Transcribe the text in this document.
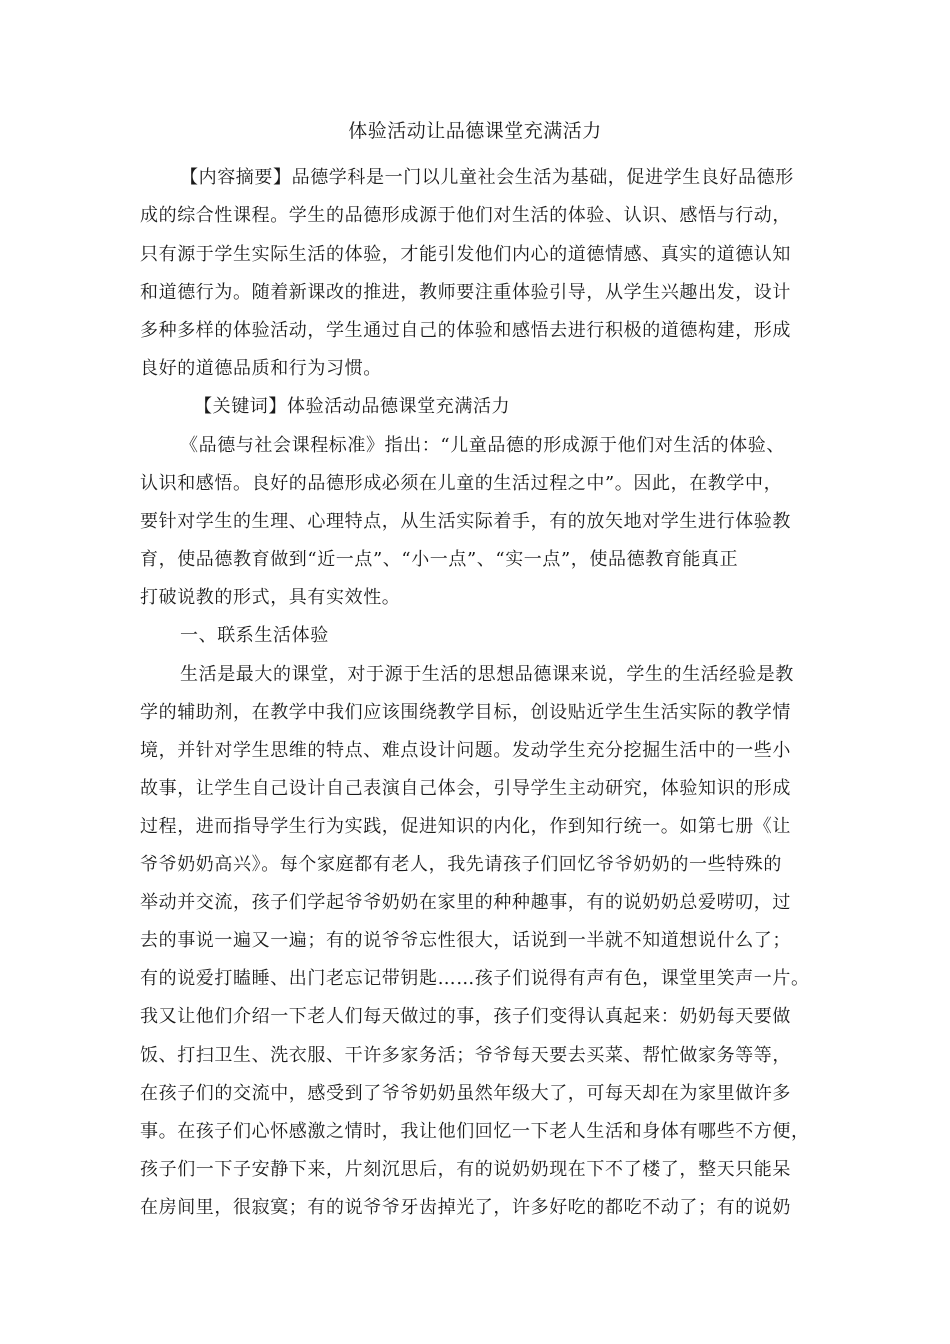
体验活动让品德课堂充满活力
【内容摘要】品德学科是一门以儿童社会生活为基础，促进学生良好品德形
成的综合性课程。学生的品德形成源于他们对生活的体验、认识、感悟与行动，
只有源于学生实际生活的体验，才能引发他们内心的道德情感、真实的道德认知
和道德行为。随着新课改的推进，教师要注重体验引导，从学生兴趣出发，设计
多种多样的体验活动，学生通过自己的体验和感悟去进行积极的道德构建，形成
良好的道德品质和行为习惯。
【关键词】体验活动品德课堂充满活力
《品德与社会课程标准》指出：“儿童品德的形成源于他们对生活的体验、
认识和感悟。良好的品德形成必须在儿童的生活过程之中”。因此，在教学中，
要针对学生的生理、心理特点，从生活实际着手，有的放矢地对学生进行体验教
育，使品德教育做到“近一点”、“小一点”、“实一点”，使品德教育能真正
打破说教的形式，具有实效性。
一、联系生活体验
生活是最大的课堂，对于源于生活的思想品德课来说，学生的生活经验是教
学的辅助剂，在教学中我们应该围绕教学目标，创设贴近学生生活实际的教学情
境，并针对学生思维的特点、难点设计问题。发动学生充分挖掘生活中的一些小
故事，让学生自己设计自己表演自己体会，引导学生主动研究，体验知识的形成
过程，进而指导学生行为实践，促进知识的内化，作到知行统一。如第七册《让
爷爷奶奶高兴》。每个家庭都有老人，我先请孩子们回忆爷爷奶奶的一些特殊的
举动并交流，孩子们学起爷爷奶奶在家里的种种趣事，有的说奶奶总爱唠叨，过
去的事说一遍又一遍；有的说爷爷忘性很大，话说到一半就不知道想说什么了；
有的说爱打瞌睡、出门老忘记带钥匙……孩子们说得有声有色，课堂里笑声一片。
我又让他们介绍一下老人们每天做过的事，孩子们变得认真起来：奶奶每天要做
饭、打扫卫生、洗衣服、干许多家务活；爷爷每天要去买菜、帮忙做家务等等，
在孩子们的交流中，感受到了爷爷奶奶虽然年级大了，可每天却在为家里做许多
事。在孩子们心怀感激之情时，我让他们回忆一下老人生活和身体有哪些不方便，
孩子们一下子安静下来，片刻沉思后，有的说奶奶现在下不了楼了，整天只能呆
在房间里，很寂寞；有的说爷爷牙齿掉光了，许多好吃的都吃不动了；有的说奶
